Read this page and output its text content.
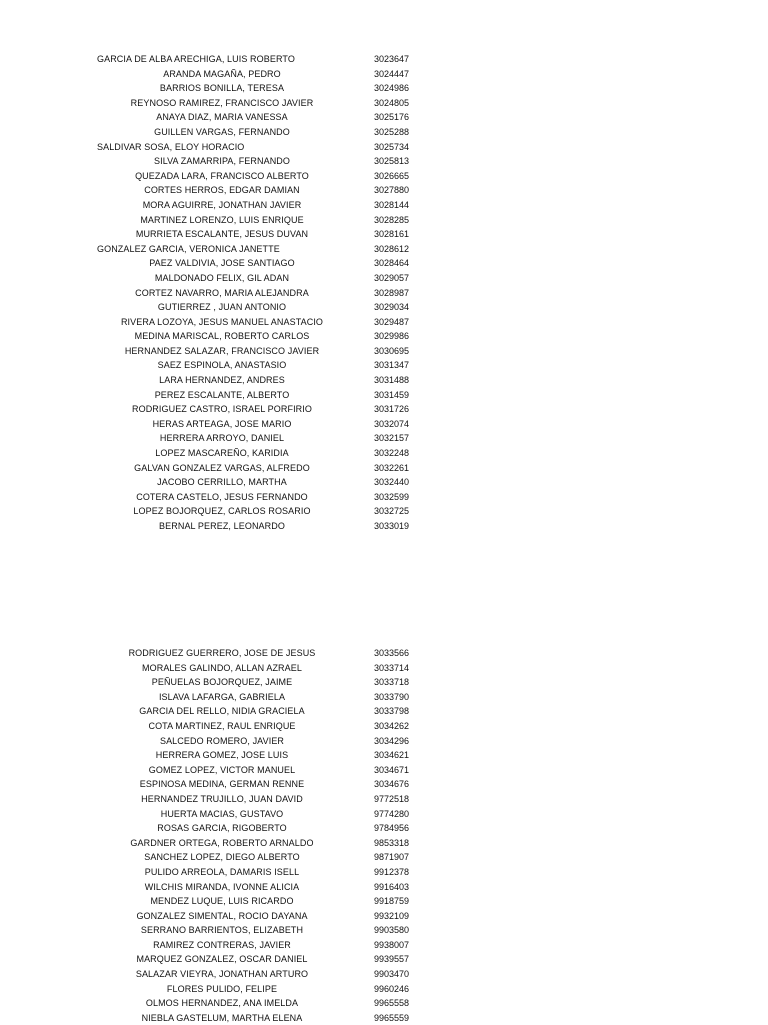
GARCIA DE ALBA ARECHIGA, LUIS ROBERTO	3023647
ARANDA MAGAÑA, PEDRO	3024447
BARRIOS BONILLA, TERESA	3024986
REYNOSO RAMIREZ, FRANCISCO JAVIER	3024805
ANAYA DIAZ, MARIA VANESSA	3025176
GUILLEN VARGAS, FERNANDO	3025288
SALDIVAR SOSA, ELOY HORACIO	3025734
SILVA ZAMARRIPA, FERNANDO	3025813
QUEZADA LARA, FRANCISCO ALBERTO	3026665
CORTES HERROS, EDGAR DAMIAN	3027880
MORA AGUIRRE, JONATHAN JAVIER	3028144
MARTINEZ LORENZO, LUIS ENRIQUE	3028285
MURRIETA ESCALANTE, JESUS DUVAN	3028161
GONZALEZ GARCIA, VERONICA JANETTE	3028612
PAEZ VALDIVIA, JOSE SANTIAGO	3028464
MALDONADO FELIX, GIL ADAN	3029057
CORTEZ NAVARRO, MARIA ALEJANDRA	3028987
GUTIERREZ , JUAN ANTONIO	3029034
RIVERA LOZOYA, JESUS MANUEL ANASTACIO	3029487
MEDINA MARISCAL, ROBERTO CARLOS	3029986
HERNANDEZ SALAZAR, FRANCISCO JAVIER	3030695
SAEZ ESPINOLA, ANASTASIO	3031347
LARA HERNANDEZ, ANDRES	3031488
PEREZ ESCALANTE, ALBERTO	3031459
RODRIGUEZ CASTRO, ISRAEL PORFIRIO	3031726
HERAS ARTEAGA, JOSE MARIO	3032074
HERRERA ARROYO, DANIEL	3032157
LOPEZ MASCAREÑO, KARIDIA	3032248
GALVAN GONZALEZ VARGAS, ALFREDO	3032261
JACOBO CERRILLO, MARTHA	3032440
COTERA CASTELO, JESUS FERNANDO	3032599
LOPEZ BOJORQUEZ, CARLOS ROSARIO	3032725
BERNAL PEREZ, LEONARDO	3033019
RODRIGUEZ GUERRERO, JOSE DE JESUS	3033566
MORALES GALINDO, ALLAN AZRAEL	3033714
PEÑUELAS BOJORQUEZ, JAIME	3033718
ISLAVA LAFARGA, GABRIELA	3033790
GARCIA DEL RELLO, NIDIA GRACIELA	3033798
COTA MARTINEZ, RAUL ENRIQUE	3034262
SALCEDO ROMERO, JAVIER	3034296
HERRERA GOMEZ, JOSE LUIS	3034621
GOMEZ LOPEZ, VICTOR MANUEL	3034671
ESPINOSA MEDINA, GERMAN RENNE	3034676
HERNANDEZ TRUJILLO, JUAN DAVID	9772518
HUERTA MACIAS, GUSTAVO	9774280
ROSAS GARCIA, RIGOBERTO	9784956
GARDNER ORTEGA, ROBERTO ARNALDO	9853318
SANCHEZ LOPEZ, DIEGO ALBERTO	9871907
PULIDO ARREOLA, DAMARIS ISELL	9912378
WILCHIS MIRANDA, IVONNE ALICIA	9916403
MENDEZ LUQUE, LUIS RICARDO	9918759
GONZALEZ SIMENTAL, ROCIO DAYANA	9932109
SERRANO BARRIENTOS, ELIZABETH	9903580
RAMIREZ CONTRERAS, JAVIER	9938007
MARQUEZ GONZALEZ, OSCAR DANIEL	9939557
SALAZAR VIEYRA, JONATHAN ARTURO	9903470
FLORES PULIDO, FELIPE	9960246
OLMOS HERNANDEZ, ANA IMELDA	9965558
NIEBLA GASTELUM, MARTHA ELENA	9965559
